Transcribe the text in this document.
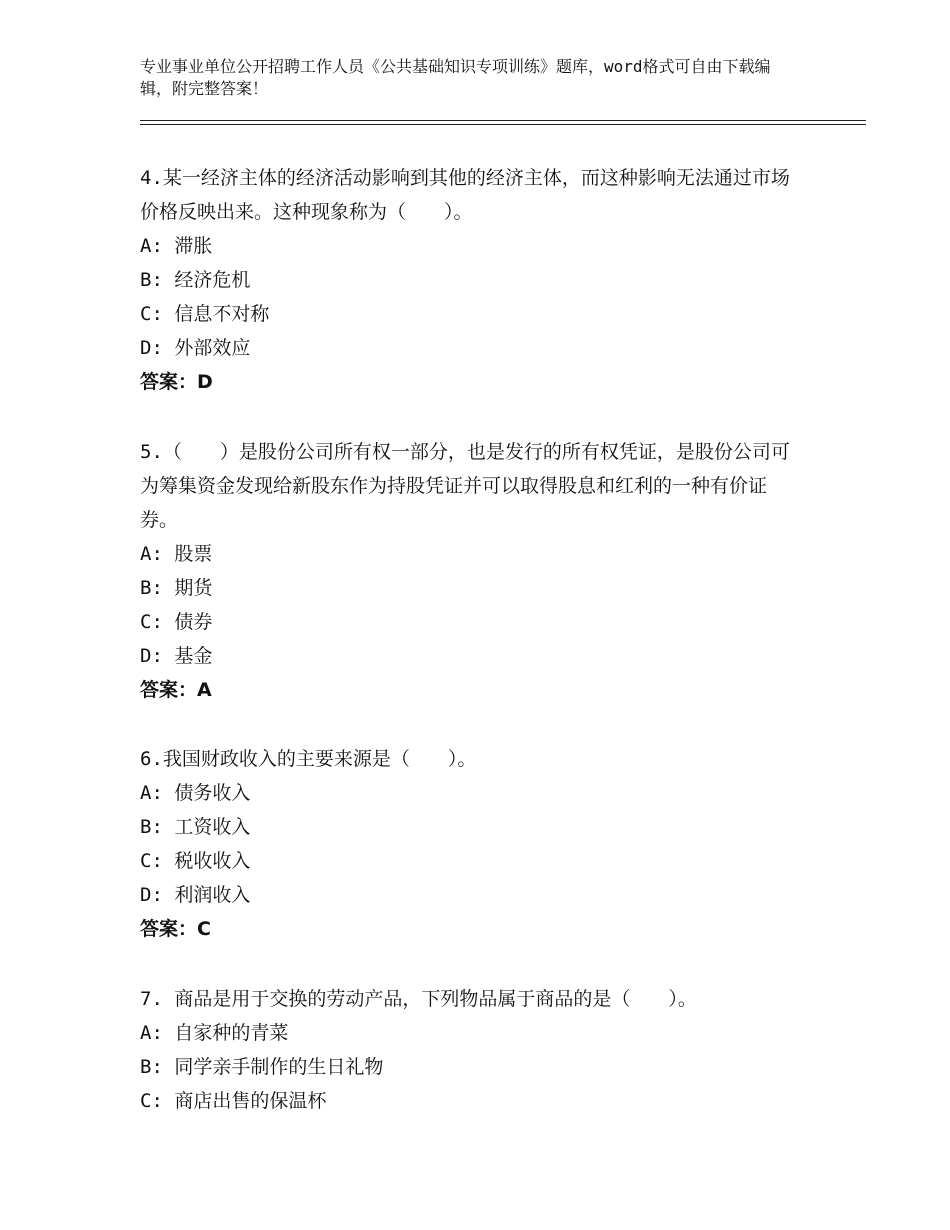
专业事业单位公开招聘工作人员《公共基础知识专项训练》题库，word格式可自由下载编辑，附完整答案！
4.某一经济主体的经济活动影响到其他的经济主体，而这种影响无法通过市场价格反映出来。这种现象称为（　　）。
A: 滞胀
B: 经济危机
C: 信息不对称
D: 外部效应
答案：D
5.（　　）是股份公司所有权一部分，也是发行的所有权凭证，是股份公司可为筹集资金发现给新股东作为持股凭证并可以取得股息和红利的一种有价证券。
A: 股票
B: 期货
C: 债券
D: 基金
答案：A
6.我国财政收入的主要来源是（　　）。
A: 债务收入
B: 工资收入
C: 税收收入
D: 利润收入
答案：C
7. 商品是用于交换的劳动产品，下列物品属于商品的是（　　）。
A: 自家种的青菜
B: 同学亲手制作的生日礼物
C: 商店出售的保温杯
